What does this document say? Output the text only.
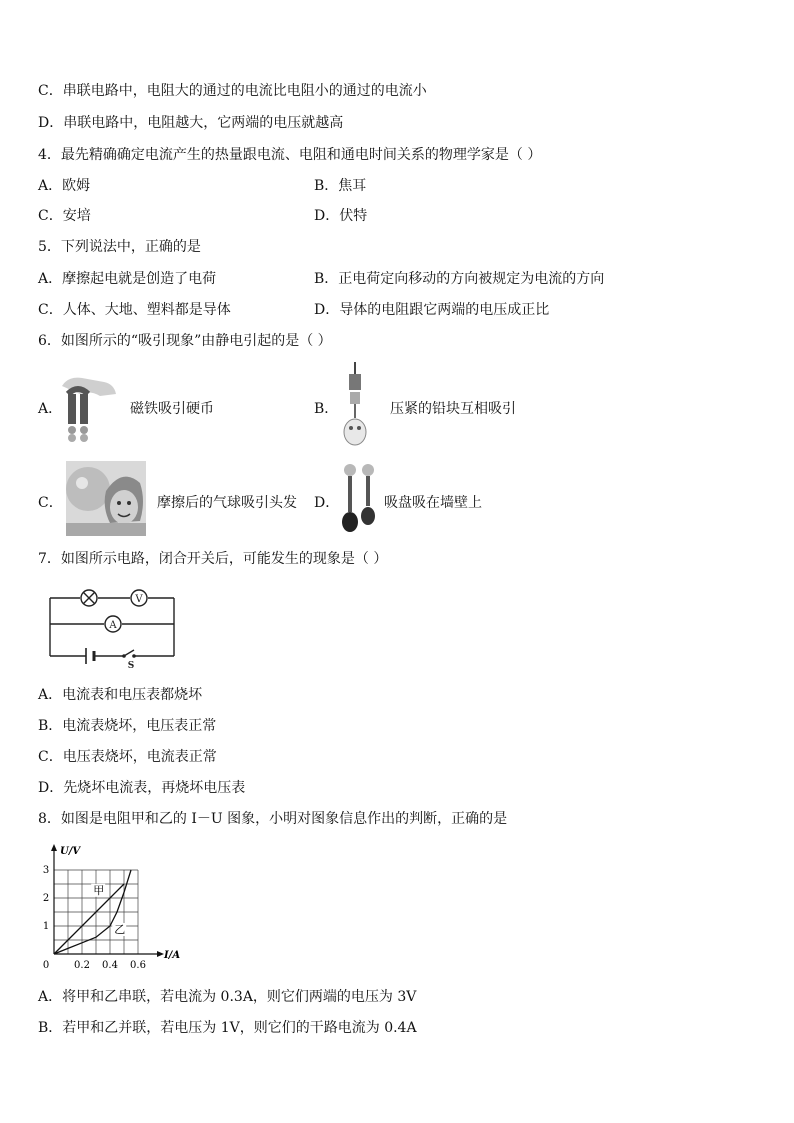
C．串联电路中，电阻大的通过的电流比电阻小的通过的电流小
D．串联电路中，电阻越大，它两端的电压就越高
4．最先精确确定电流产生的热量跟电流、电阻和通电时间关系的物理学家是（ ）
A．欧姆	B．焦耳
C．安培	D．伏特
5．下列说法中，正确的是
A．摩擦起电就是创造了电荷	B．正电荷定向移动的方向被规定为电流的方向
C．人体、大地、塑料都是导体	D．导体的电阻跟它两端的电压成正比
6．如图所示的“吸引现象”由静电引起的是（ ）
A．	磁铁吸引硬币	B．	压紧的铅块互相吸引
C．	摩擦后的气球吸引头发 D．	吸盘吸在墙壁上
7．如图所示电路，闭合开关后，可能发生的现象是（ ）
V
A
S
A．电流表和电压表都烧坏
B．电流表烧坏，电压表正常
C．电压表烧坏，电流表正常
D．先烧坏电流表，再烧坏电压表
8．如图是电阻甲和乙的 I－U 图象，小明对图象信息作出的判断，正确的是
I/A
U/V
0 0.2 0.4 0.6
1
2
3
甲
乙
A．将甲和乙串联，若电流为 0.3A，则它们两端的电压为 3V
B．若甲和乙并联，若电压为 1V，则它们的干路电流为 0.4A
